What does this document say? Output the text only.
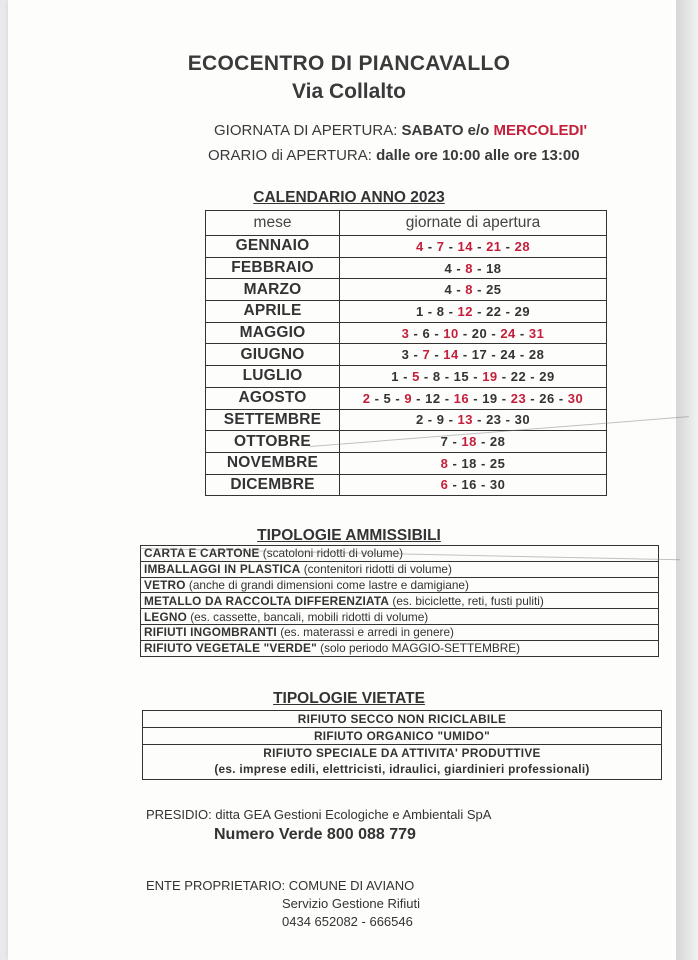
ECOCENTRO DI PIANCAVALLO
Via Collalto
GIORNATA DI APERTURA: SABATO e/o MERCOLEDI'
ORARIO di APERTURA: dalle ore 10:00 alle ore 13:00
CALENDARIO ANNO 2023
mese	giornate di apertura
GENNAIO	4 - 7 - 14 - 21 - 28
FEBBRAIO	4 - 8 - 18
MARZO	4 - 8 - 25
APRILE	1 - 8 - 12 - 22 - 29
MAGGIO	3 - 6 - 10 - 20 - 24 - 31
GIUGNO	3 - 7 - 14 - 17 - 24 - 28
LUGLIO	1 - 5 - 8 - 15 - 19 - 22 - 29
AGOSTO	2 - 5 - 9 - 12 - 16 - 19 - 23 - 26 - 30
SETTEMBRE	2 - 9 - 13 - 23 - 30
OTTOBRE	7 - 18 - 28
NOVEMBRE	8 - 18 - 25
DICEMBRE	6 - 16 - 30
TIPOLOGIE AMMISSIBILI
CARTA E CARTONE (scatoloni ridotti di volume)
IMBALLAGGI IN PLASTICA (contenitori ridotti di volume)
VETRO (anche di grandi dimensioni come lastre e damigiane)
METALLO DA RACCOLTA DIFFERENZIATA (es. biciclette, reti, fusti puliti)
LEGNO (es. cassette, bancali, mobili ridotti di volume)
RIFIUTI INGOMBRANTI (es. materassi e arredi in genere)
RIFIUTO VEGETALE "VERDE" (solo periodo MAGGIO-SETTEMBRE)
TIPOLOGIE VIETATE
RIFIUTO SECCO NON RICICLABILE
RIFIUTO ORGANICO "UMIDO"
RIFIUTO SPECIALE DA ATTIVITA' PRODUTTIVE
(es. imprese edili, elettricisti, idraulici, giardinieri professionali)
PRESIDIO: ditta GEA Gestioni Ecologiche e Ambientali SpA
Numero Verde 800 088 779
ENTE PROPRIETARIO: COMUNE DI AVIANO
Servizio Gestione Rifiuti
0434 652082 - 666546
